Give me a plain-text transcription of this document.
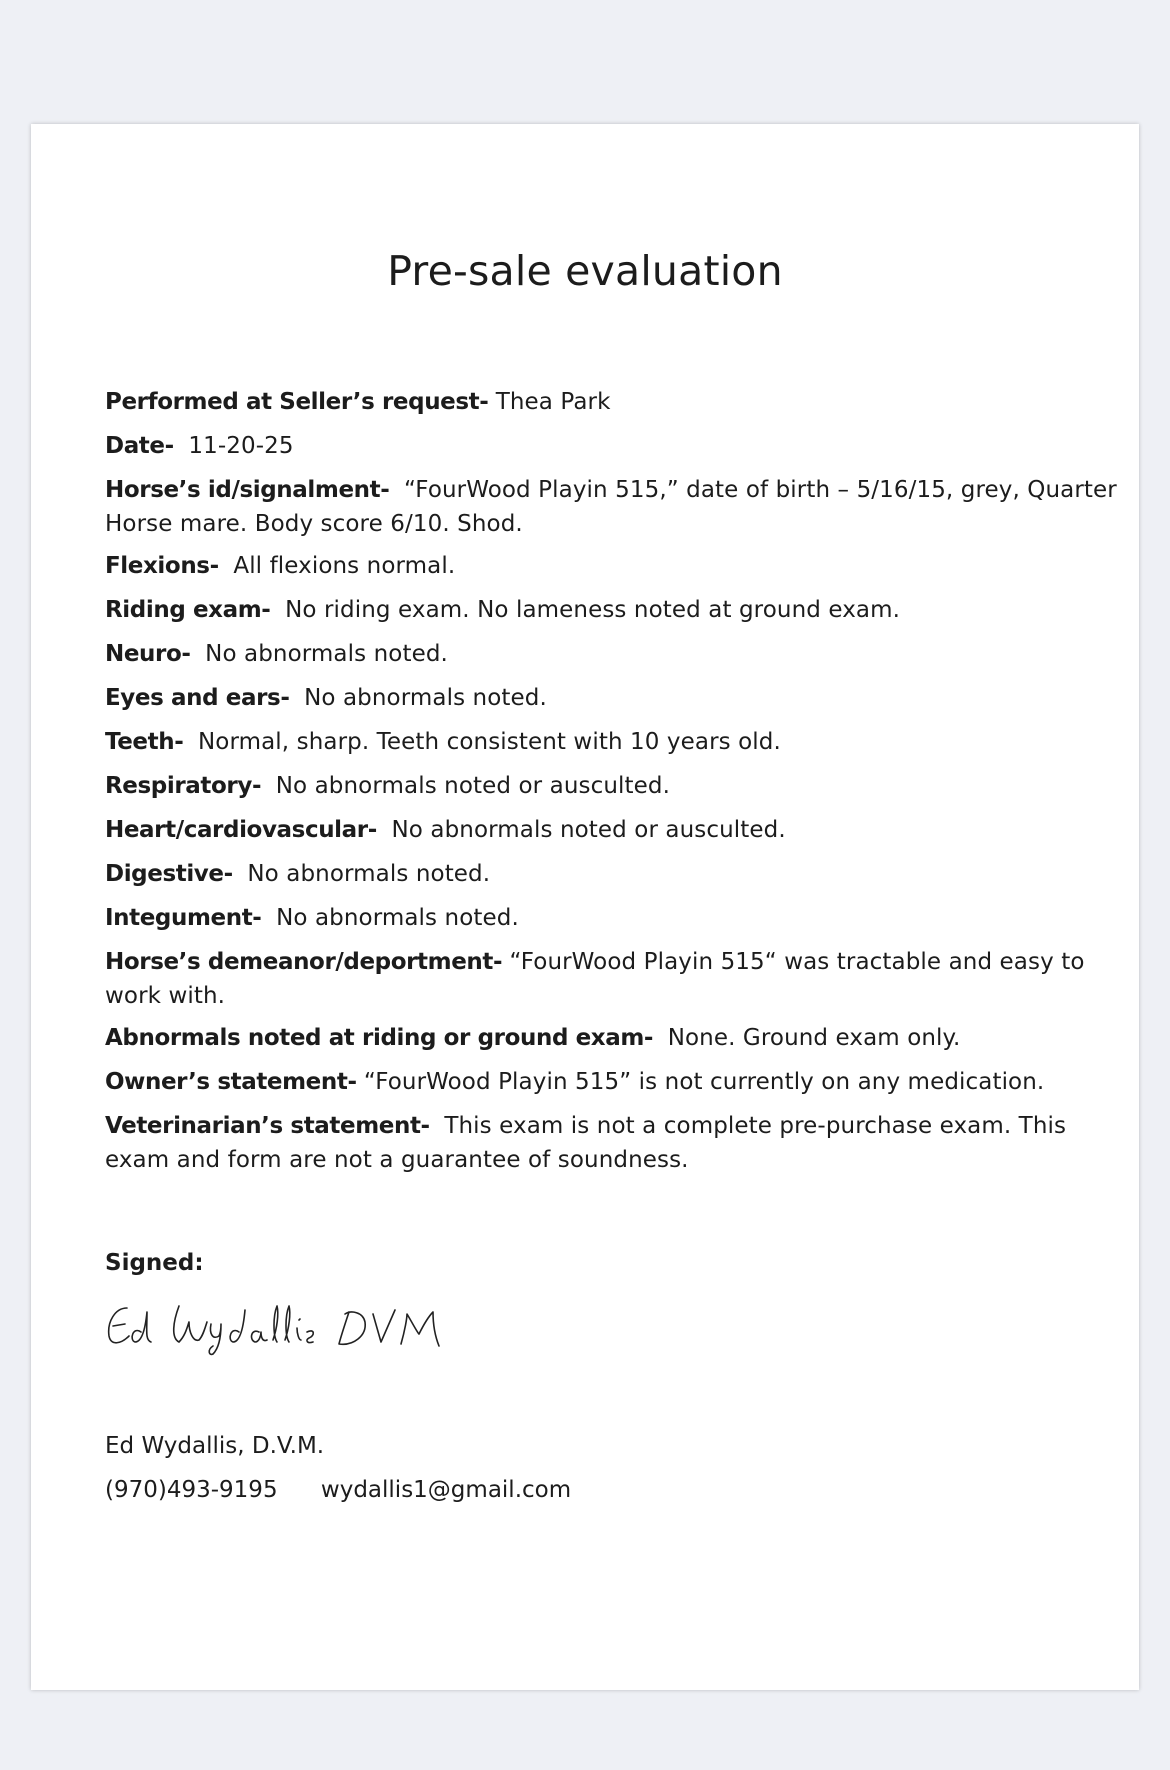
Pre-sale evaluation

Performed at Seller’s request- Thea Park

Date- 11-20-25

Horse’s id/signalment- “FourWood Playin 515,” date of birth – 5/16/15, grey, Quarter Horse mare. Body score 6/10. Shod.

Flexions- All flexions normal.

Riding exam- No riding exam. No lameness noted at ground exam.

Neuro- No abnormals noted.

Eyes and ears- No abnormals noted.

Teeth- Normal, sharp. Teeth consistent with 10 years old.

Respiratory- No abnormals noted or ausculted.

Heart/cardiovascular- No abnormals noted or ausculted.

Digestive- No abnormals noted.

Integument- No abnormals noted.

Horse’s demeanor/deportment- “FourWood Playin 515“ was tractable and easy to work with.

Abnormals noted at riding or ground exam- None. Ground exam only.

Owner’s statement- “FourWood Playin 515” is not currently on any medication.

Veterinarian’s statement- This exam is not a complete pre-purchase exam. This exam and form are not a guarantee of soundness.

Signed:

Ed Wydallis, D.V.M.
(970)493-9195 wydallis1@gmail.com
